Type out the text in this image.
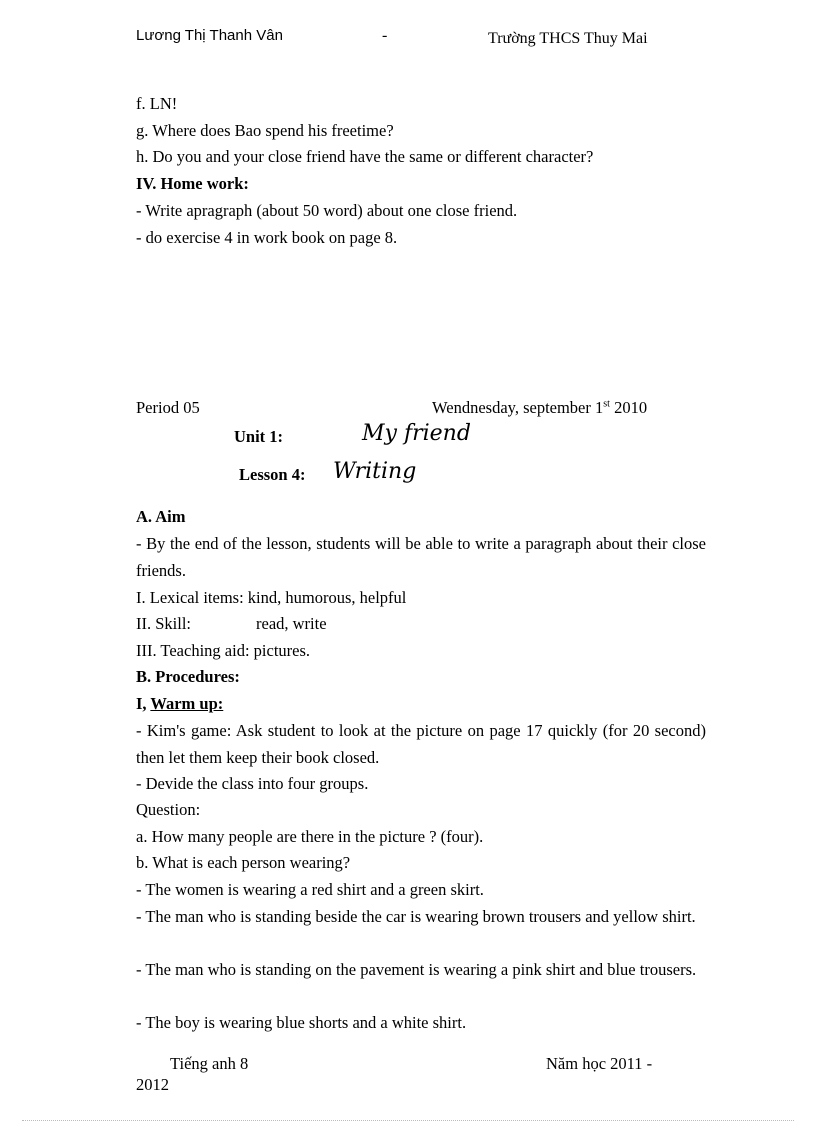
Lương Thị Thanh Vân	-	Trường THCS Thuy Mai
f. LN!
g. Where does Bao spend his freetime?
h. Do you and your close friend have the same or different character?
IV. Home work:
- Write apragraph (about 50 word) about one close friend.
- do exercise 4 in work book on page 8.
Period 05	Wendnesday, september 1st 2010
Unit 1:	My friend
Lesson 4: Writing
A. Aim
- By the end of the lesson, students will be able to write a paragraph about their close friends.
I. Lexical items: kind, humorous, helpful
II. Skill:	read, write
III. Teaching aid: pictures.
B. Procedures:
I, Warm up:
- Kim's game: Ask student to look at the picture on page 17 quickly (for 20 second) then let them keep their book closed.
- Devide the class into four groups.
Question:
a. How many people are there in the picture ? (four).
b. What is each person wearing?
- The women is wearing a red shirt and a green skirt.
- The man who is standing beside the car is wearing brown trousers and yellow shirt.
- The man who is standing on the pavement is wearing a pink shirt and blue trousers.
- The boy is wearing blue shorts and a white shirt.
Tiếng anh 8	Năm học 2011 -
2012
